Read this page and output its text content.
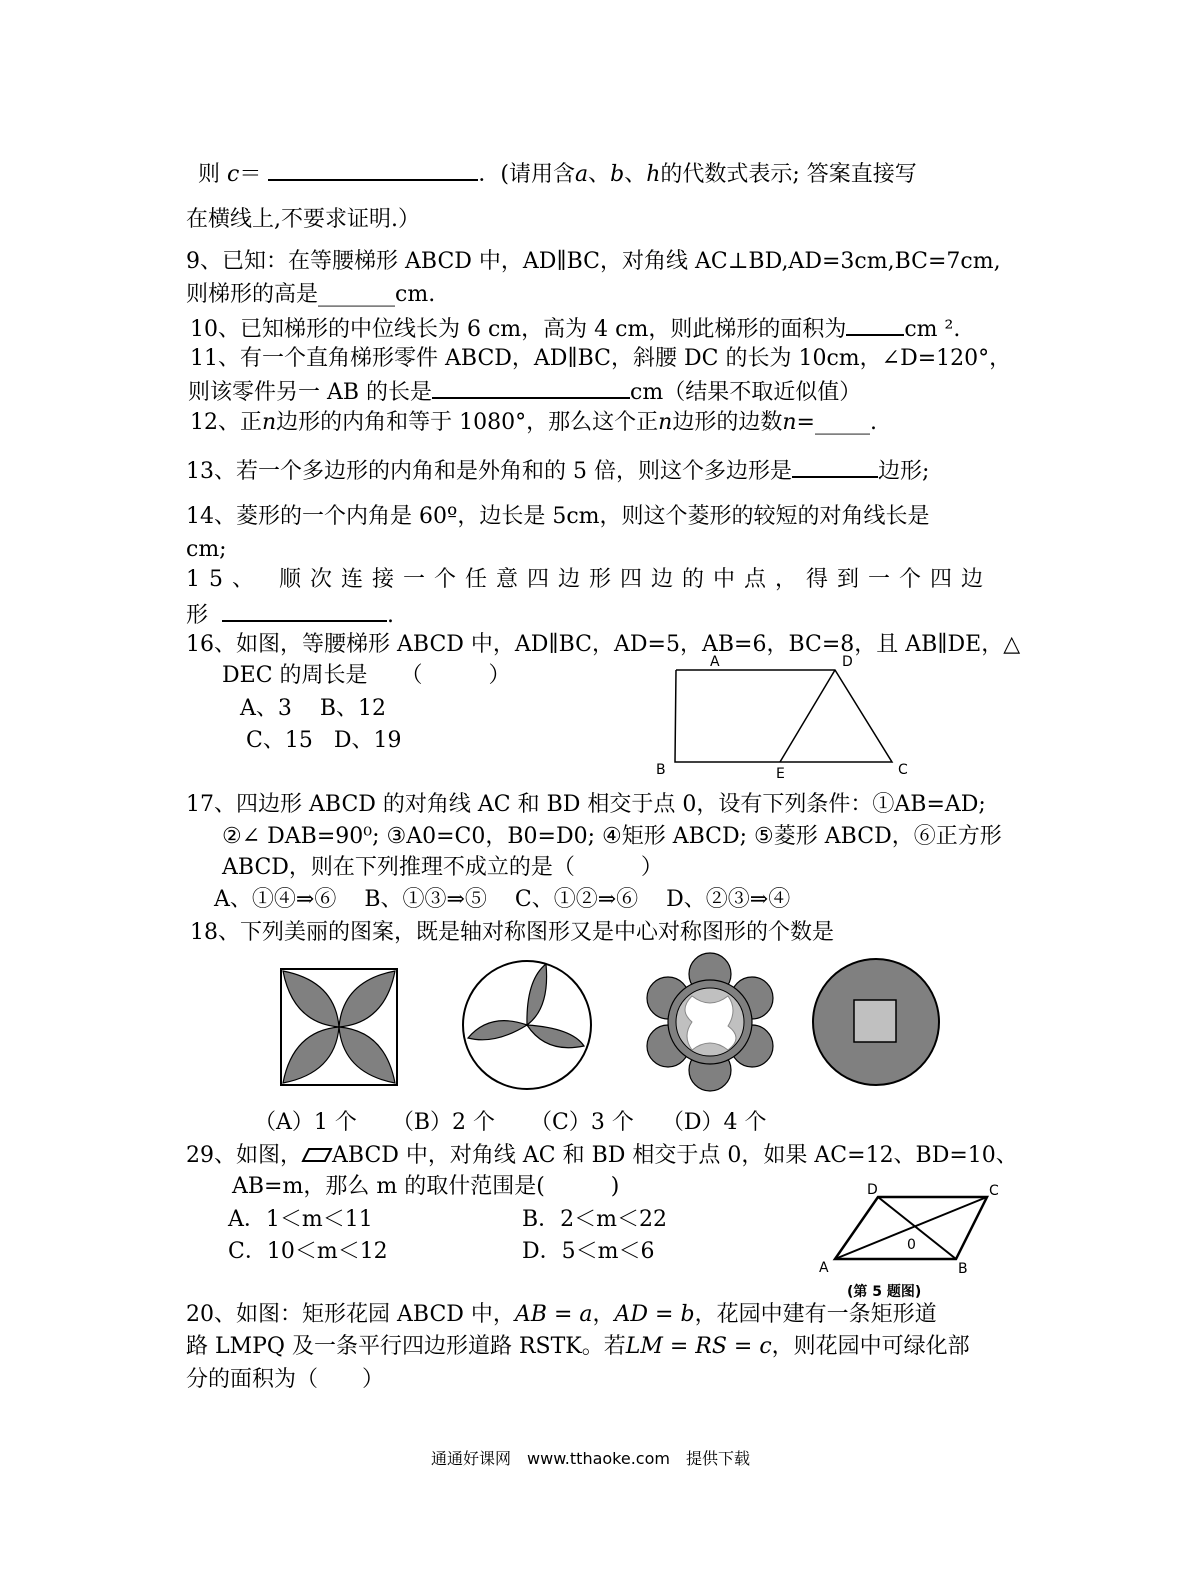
则 c＝	．(请用含a、b、h的代数式表示; 答案直接写
在横线上,不要求证明.）
9、已知：在等腰梯形 ABCD 中，AD∥BC，对角线 AC⊥BD,AD=3cm,BC=7cm,
则梯形的高是_______cm.
10、已知梯形的中位线长为 6 cm，高为 4 cm，则此梯形的面积为	cm ².
11、有一个直角梯形零件 ABCD，AD∥BC，斜腰 DC 的长为 10cm，∠D=120°，
则该零件另一 AB 的长是	cm（结果不取近似值）
12、正n边形的内角和等于 1080°，那么这个正n边形的边数n=_____.
13、若一个多边形的内角和是外角和的 5 倍，则这个多边形是	边形;
14、菱形的一个内角是 60º，边长是 5cm，则这个菱形的较短的对角线长是
cm;
15、 顺次连接一个任意四边形四边的中点，得到一个四边
形	.
16、如图，等腰梯形 ABCD 中，AD∥BC，AD=5，AB=6，BC=8，且 AB∥DE，△
DEC 的周长是　　（　　　）
A、3 B、12
C、15 D、19
A	D
B	E	C
17、四边形 ABCD 的对角线 AC 和 BD 相交于点 0，设有下列条件：①AB=AD;
②∠ DAB=90⁰; ③A0=C0，B0=D0; ④矩形 ABCD; ⑤菱形 ABCD，⑥正方形
ABCD，则在下列推理不成立的是（　　　）
A、①④⇒⑥ B、①③⇒⑤ C、①②⇒⑥ D、②③⇒④
18、下列美丽的图案，既是轴对称图形又是中心对称图形的个数是
（A）1 个 （B）2 个 （C）3 个 （D）4 个
29、如图， ABCD 中，对角线 AC 和 BD 相交于点 0，如果 AC=12、BD=10、
AB=m，那么 m 的取什范围是(　　　)
A．1＜m＜11	B．2＜m＜22
C．10＜m＜12	D．5＜m＜6
D	C
A	B
0
(第 5 题图)
20、如图：矩形花园 ABCD 中，AB = a，AD = b，花园中建有一条矩形道
路 LMPQ 及一条平行四边形道路 RSTK。若LM = RS = c，则花园中可绿化部
分的面积为（　　）
通通好课网　www.tthaoke.com　提供下载
